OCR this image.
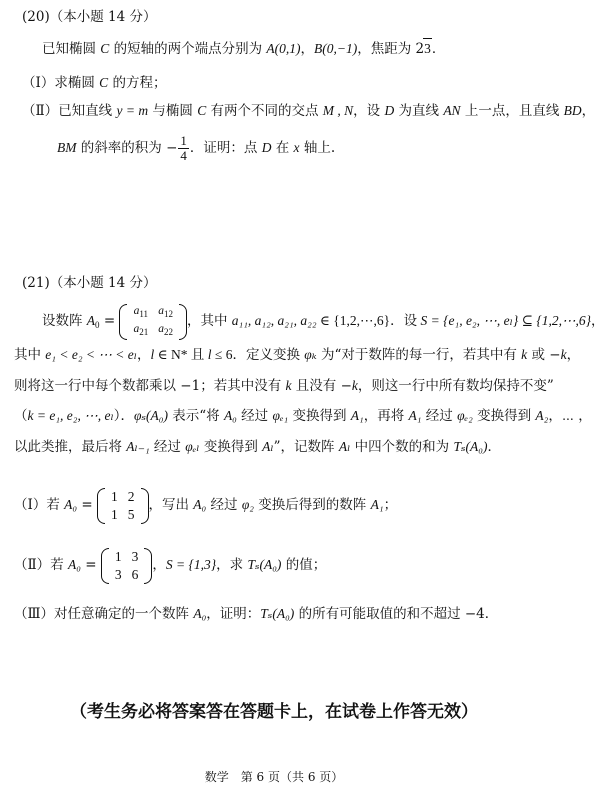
(20)（本小题 14 分）
已知椭圆 C 的短轴的两个端点分别为 A(0,1)，B(0,−1)，焦距为 23．
（Ⅰ）求椭圆 C 的方程；
（Ⅱ）已知直线 y = m 与椭圆 C 有两个不同的交点 M , N，设 D 为直线 AN 上一点，且直线 BD，
BM 的斜率的积为 − $\frac{1}{4}$ ．证明：点 D 在 x 轴上.
(21)（本小题 14 分）
设数阵 $A_0$ =
$a_{11}$	$a_{12}$
$a_{21}$	$a_{22}$
，其中 a₁₁, a₁₂, a₂₁, a₂₂ ∈ {1,2,⋯,6}．设 S = {e₁, e₂, ⋯, eₗ} ⊆ {1,2,⋯,6}，
其中 e₁ < e₂ < ⋯ < eₗ，l ∈ N* 且 l ≤ 6．定义变换 φₖ 为“对于数阵的每一行，若其中有 k 或 −k，
则将这一行中每个数都乘以 −1；若其中没有 k 且没有 −k，则这一行中所有数均保持不变”
（k = e₁, e₂, ⋯, eₗ）．φₛ(A₀) 表示“将 A₀ 经过 φₑ₁ 变换得到 A₁，再将 A₁ 经过 φₑ₂ 变换得到 A₂，⋯ ，
以此类推，最后将 Aₗ₋₁ 经过 φₑₗ 变换得到 Aₗ”，记数阵 Aₗ 中四个数的和为 Tₛ(A₀)．
（Ⅰ）若 A₀ =
1	2
1	5
，写出 A₀ 经过 φ₂ 变换后得到的数阵 A₁；
（Ⅱ）若 A₀ =
1	3
3	6
，S = {1,3}，求 Tₛ(A₀) 的值；
（Ⅲ）对任意确定的一个数阵 A₀，证明：Tₛ(A₀) 的所有可能取值的和不超过 −4．
（考生务必将答案答在答题卡上，在试卷上作答无效）
数学　第 6 页（共 6 页）
